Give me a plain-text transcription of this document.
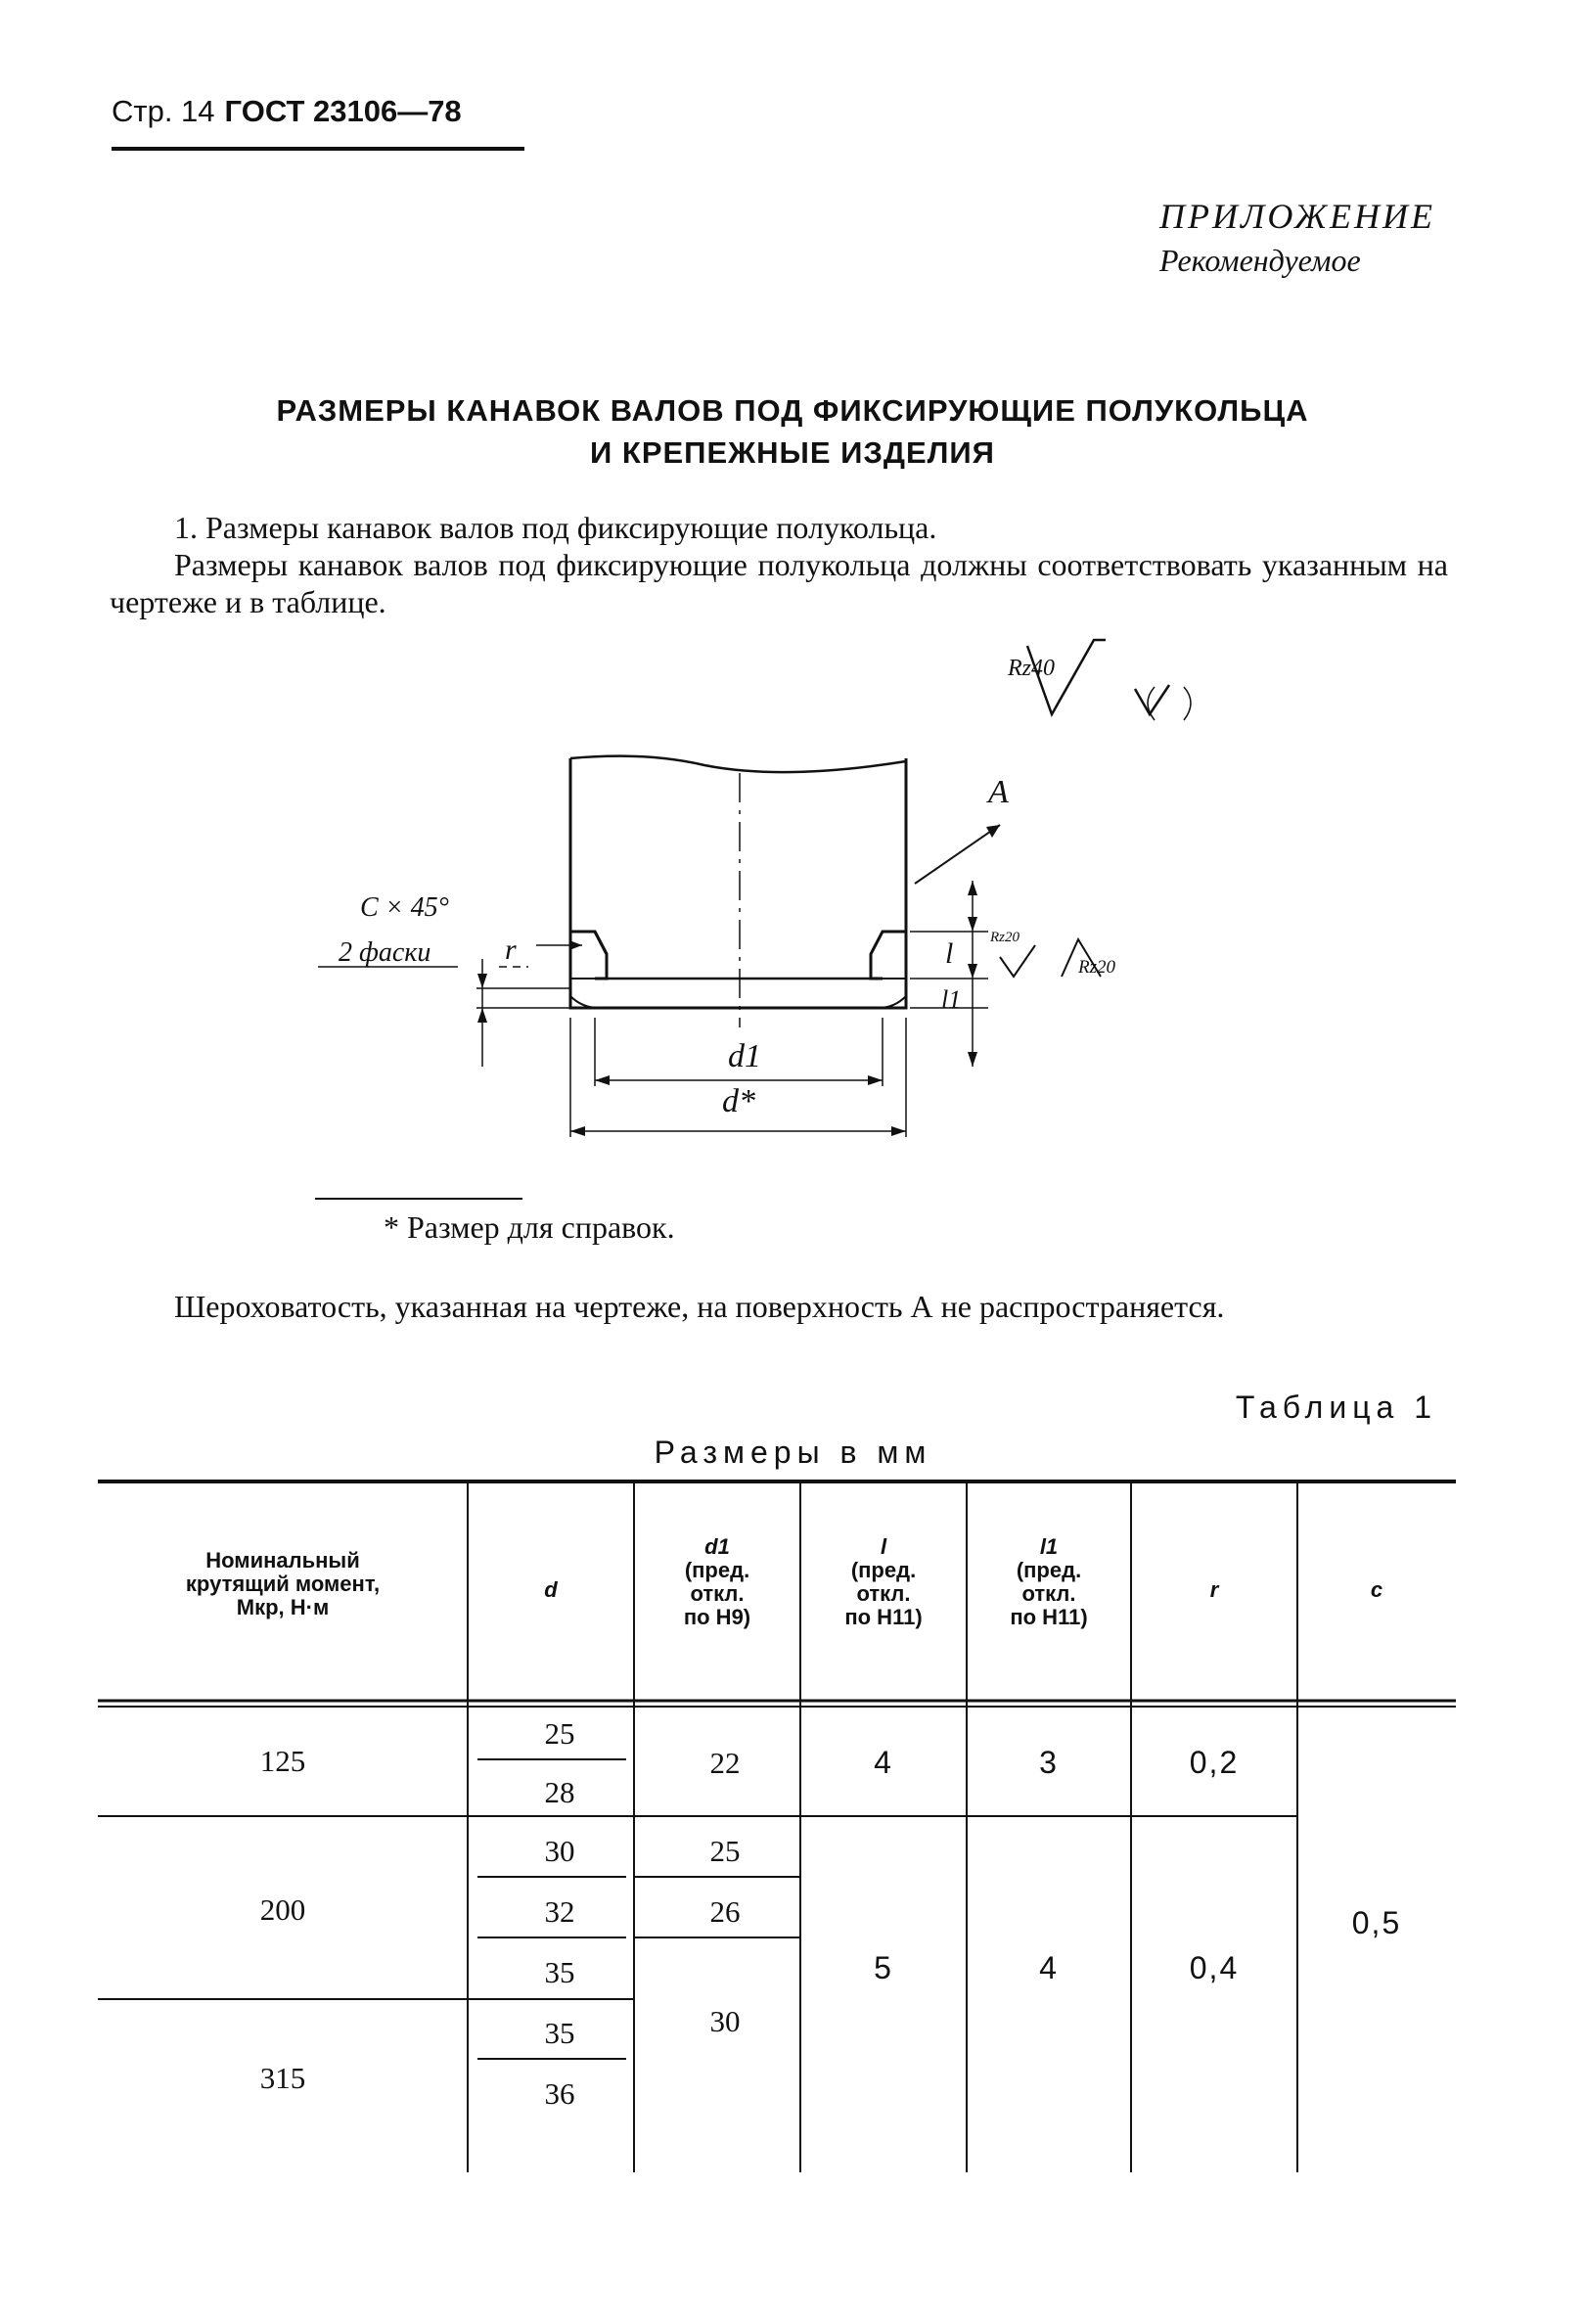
Стр. 14 ГОСТ 23106—78
ПРИЛОЖЕНИЕ
Рекомендуемое
РАЗМЕРЫ КАНАВОК ВАЛОВ ПОД ФИКСИРУЮЩИЕ ПОЛУКОЛЬЦА
И КРЕПЕЖНЫЕ ИЗДЕЛИЯ
1. Размеры канавок валов под фиксирующие полукольца.
Размеры канавок валов под фиксирующие полукольца должны соответствовать указанным на чертеже и в таблице.
С × 45°
2 фаски	r
А
Rz40
Rz20
Rz20
l
l1
d1
d*
* Размер для справок.
Шероховатость, указанная на чертеже, на поверхность А не распространяется.
Таблица 1
Размеры в мм
Номинальный
крутящий момент,
Мкр, Н·м
d
d1
(пред.
откл.
по Н9)
l
(пред.
откл.
по Н11)
l1
(пред.
откл.
по Н11)
r	c
125
200
315
25
28
30
32
35
35
36
22
25
26
30
4
5
3
4
0,2
0,4
0,5
